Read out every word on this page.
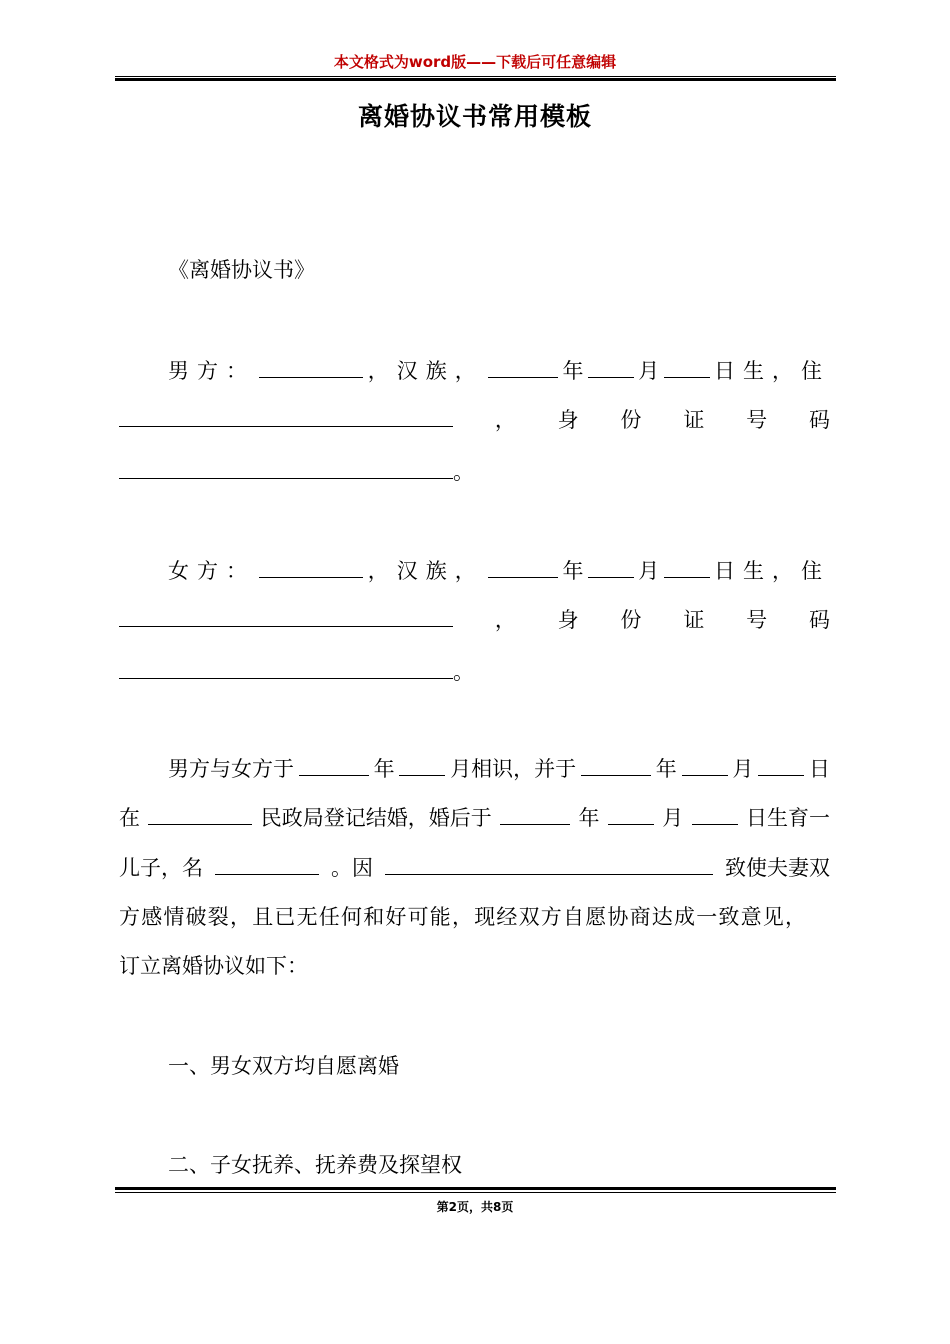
本文格式为word版——下载后可任意编辑
离婚协议书常用模板
《离婚协议书》
男方：	，汉族，	年	月	日生，住
， 身 份 证 号 码
。
女方：	，汉族，	年	月	日生，住
， 身 份 证 号 码
。
男方与女方于	年	月相识，并于	年	月	日
在	民政局登记结婚，婚后于	年	月	日生育一
儿子，名	。因	致使夫妻双
方感情破裂，且已无任何和好可能，现经双方自愿协商达成一致意见，
订立离婚协议如下：
一、男女双方均自愿离婚
二、子女抚养、抚养费及探望权
第2页，共8页
